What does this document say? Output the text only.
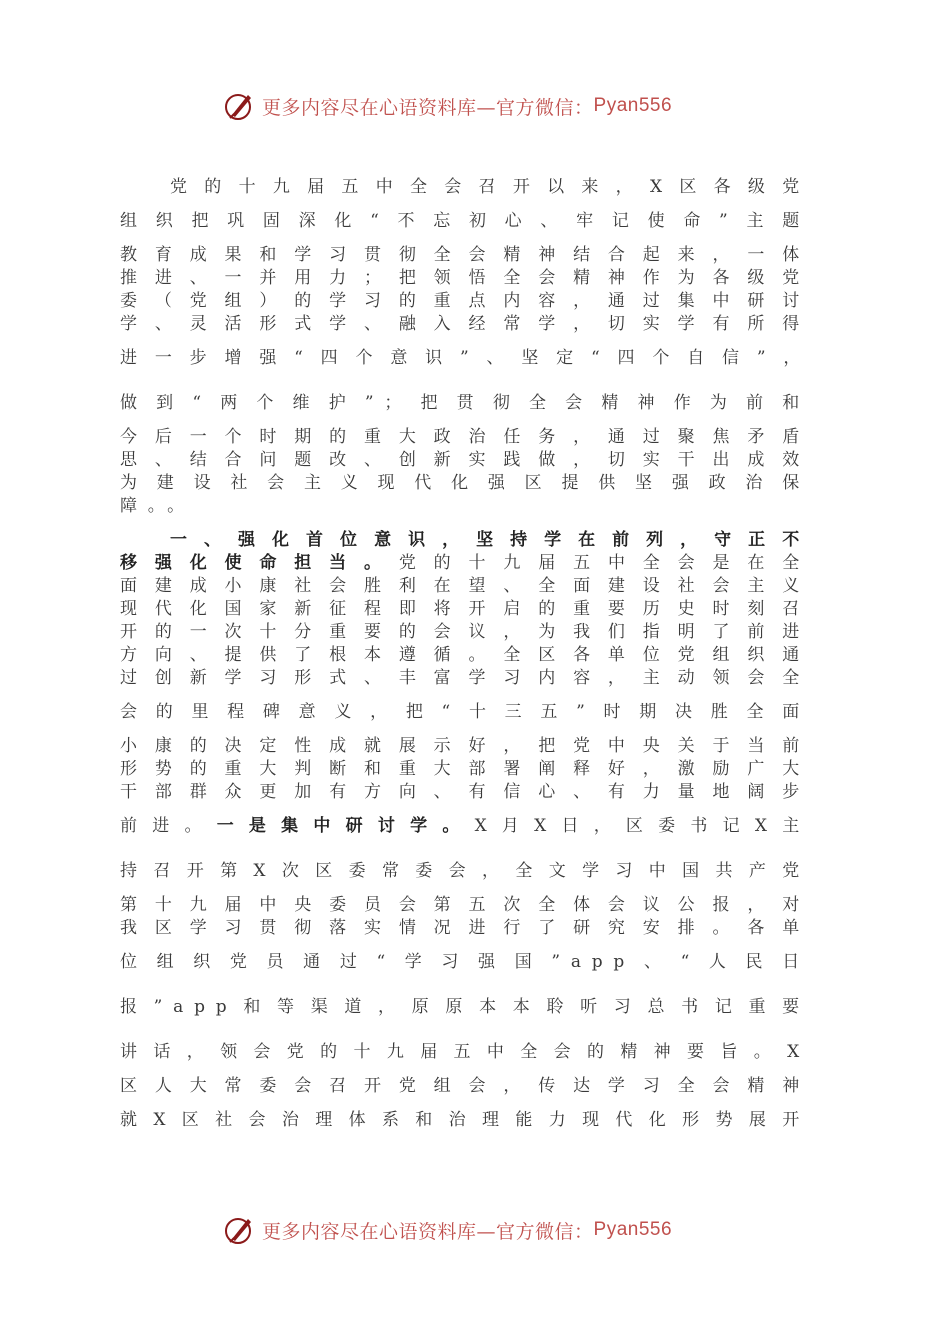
更多内容尽在心语资料库—官方微信： Pyan556
党的十九届五中全会召开以来，X区各级党
组织把巩固深化“不忘初心、牢记使命”主题
教育成果和学习贯彻全会精神结合起来，一体
推进、一并用力；把领悟全会精神作为各级党
委（党组）的学习的重点内容，通过集中研讨
学、灵活形式学、融入经常学，切实学有所得
进一步增强“四个意识”、坚定“四个自信”，
做到“两个维护”；把贯彻全会精神作为前和
今后一个时期的重大政治任务，通过聚焦矛盾
思、结合问题改、创新实践做，切实干出成效
为建设社会主义现代化强区提供坚强政治保
障。。
一、强化首位意识，坚持学在前列，守正不
移强化使命担当。党的十九届五中全会是在全
面建成小康社会胜利在望、全面建设社会主义
现代化国家新征程即将开启的重要历史时刻召
开的一次十分重要的会议，为我们指明了前进
方向、提供了根本遵循。全区各单位党组织通
过创新学习形式、丰富学习内容，主动领会全
会的里程碑意义，把“十三五”时期决胜全面
小康的决定性成就展示好，把党中央关于当前
形势的重大判断和重大部署阐释好，激励广大
干部群众更加有方向、有信心、有力量地阔步
前进。一是集中研讨学。X月X日，区委书记X主
持召开第X次区委常委会，全文学习中国共产党
第十九届中央委员会第五次全体会议公报，对
我区学习贯彻落实情况进行了研究安排。各单
位组织党员通过“学习强国”app、“人民日
报”app和等渠道，原原本本聆听习总书记重要
讲话，领会党的十九届五中全会的精神要旨。X
区人大常委会召开党组会，传达学习全会精神
就X区社会治理体系和治理能力现代化形势展开
更多内容尽在心语资料库—官方微信： Pyan556
